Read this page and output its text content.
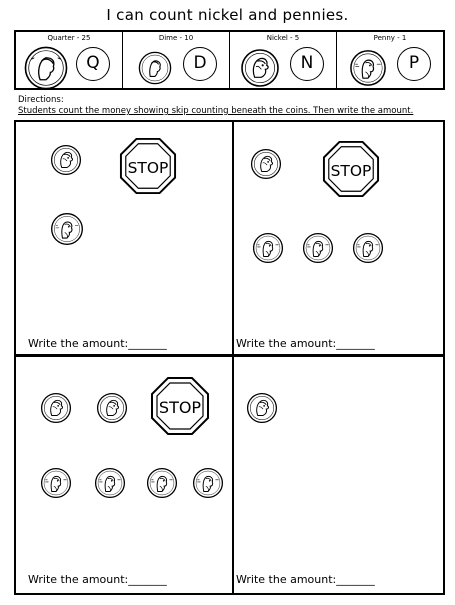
I can count nickel and pennies.
Quarter - 25
Q
Dime - 10
D
Nickel - 5
N
Penny - 1
P
Directions:
Students count the money showing skip counting beneath the coins. Then write the amount.
STOP
Write the amount:_______
STOP
Write the amount:_______
STOP
Write the amount:_______	Write the amount:_______
